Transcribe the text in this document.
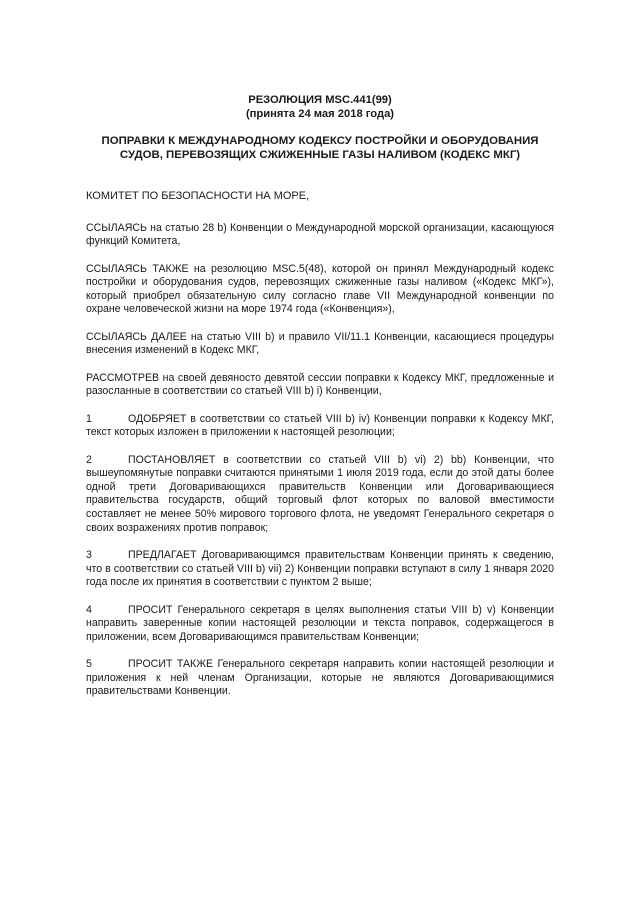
РЕЗОЛЮЦИЯ MSC.441(99)
(принята 24 мая 2018 года)
ПОПРАВКИ К МЕЖДУНАРОДНОМУ КОДЕКСУ ПОСТРОЙКИ И ОБОРУДОВАНИЯ
СУДОВ, ПЕРЕВОЗЯЩИХ СЖИЖЕННЫЕ ГАЗЫ НАЛИВОМ (КОДЕКС МКГ)

КОМИТЕТ ПО БЕЗОПАСНОСТИ НА МОРЕ,

ССЫЛАЯСЬ на статью 28 b) Конвенции о Международной морской организации, касающуюся функций Комитета,

ССЫЛАЯСЬ ТАКЖЕ на резолюцию MSC.5(48), которой он принял Международный кодекс постройки и оборудования судов, перевозящих сжиженные газы наливом («Кодекс МКГ»), который приобрел обязательную силу согласно главе VII Международной конвенции по охране человеческой жизни на море 1974 года («Конвенция»),

ССЫЛАЯСЬ ДАЛЕЕ на статью VIII b) и правило VII/11.1 Конвенции, касающиеся процедуры внесения изменений в Кодекс МКГ,

РАССМОТРЕВ на своей девяносто девятой сессии поправки к Кодексу МКГ, предложенные и разосланные в соответствии со статьей VIII b) i) Конвенции,

1	ОДОБРЯЕТ в соответствии со статьей VIII b) iv) Конвенции поправки к Кодексу МКГ, текст которых изложен в приложении к настоящей резолюции;

2	ПОСТАНОВЛЯЕТ в соответствии со статьей VIII b) vi) 2) bb) Конвенции, что вышеупомянутые поправки считаются принятыми 1 июля 2019 года, если до этой даты более одной трети Договаривающихся правительств Конвенции или Договаривающиеся правительства государств, общий торговый флот которых по валовой вместимости составляет не менее 50% мирового торгового флота, не уведомят Генерального секретаря о своих возражениях против поправок;

3	ПРЕДЛАГАЕТ Договаривающимся правительствам Конвенции принять к сведению, что в соответствии со статьей VIII b) vii) 2) Конвенции поправки вступают в силу 1 января 2020 года после их принятия в соответствии с пунктом 2 выше;

4	ПРОСИТ Генерального секретаря в целях выполнения статьи VIII b) v) Конвенции направить заверенные копии настоящей резолюции и текста поправок, содержащегося в приложении, всем Договаривающимся правительствам Конвенции;

5	ПРОСИТ ТАКЖЕ Генерального секретаря направить копии настоящей резолюции и приложения к ней членам Организации, которые не являются Договаривающимися правительствами Конвенции.
